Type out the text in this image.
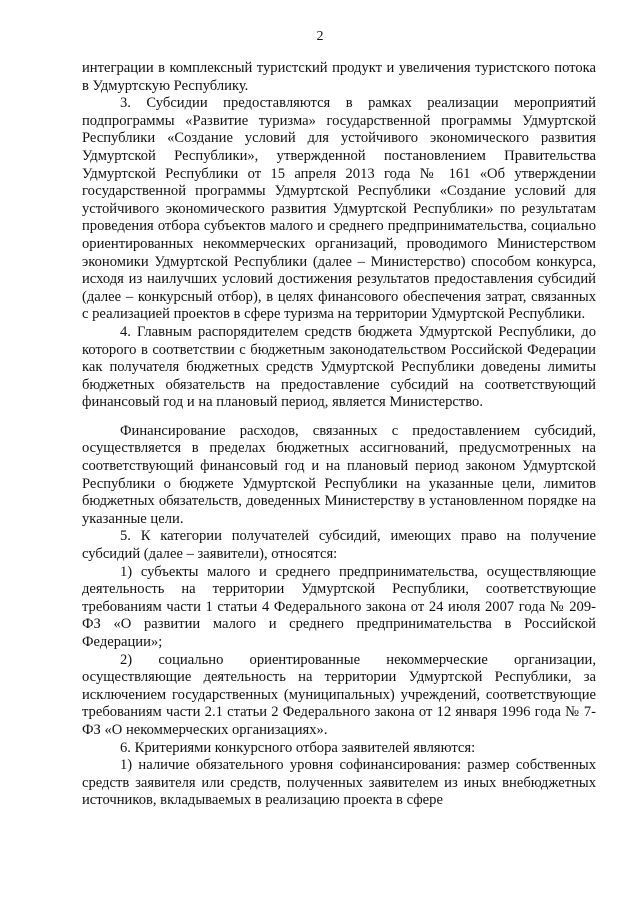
2

интеграции в комплексный туристский продукт и увеличения туристского потока в Удмуртскую Республику.

3. Субсидии предоставляются в рамках реализации мероприятий подпрограммы «Развитие туризма» государственной программы Удмуртской Республики «Создание условий для устойчивого экономического развития Удмуртской Республики», утвержденной постановлением Правительства Удмуртской Республики от 15 апреля 2013 года № 161 «Об утверждении государственной программы Удмуртской Республики «Создание условий для устойчивого экономического развития Удмуртской Республики» по результатам проведения отбора субъектов малого и среднего предпринимательства, социально ориентированных некоммерческих организаций, проводимого Министерством экономики Удмуртской Республики (далее – Министерство) способом конкурса, исходя из наилучших условий достижения результатов предоставления субсидий (далее – конкурсный отбор), в целях финансового обеспечения затрат, связанных с реализацией проектов в сфере туризма на территории Удмуртской Республики.

4. Главным распорядителем средств бюджета Удмуртской Республики, до которого в соответствии с бюджетным законодательством Российской Федерации как получателя бюджетных средств Удмуртской Республики доведены лимиты бюджетных обязательств на предоставление субсидий на соответствующий финансовый год и на плановый период, является Министерство.

Финансирование расходов, связанных с предоставлением субсидий, осуществляется в пределах бюджетных ассигнований, предусмотренных на соответствующий финансовый год и на плановый период законом Удмуртской Республики о бюджете Удмуртской Республики на указанные цели, лимитов бюджетных обязательств, доведенных Министерству в установленном порядке на указанные цели.

5. К категории получателей субсидий, имеющих право на получение субсидий (далее – заявители), относятся:

1) субъекты малого и среднего предпринимательства, осуществляющие деятельность на территории Удмуртской Республики, соответствующие требованиям части 1 статьи 4 Федерального закона от 24 июля 2007 года № 209-ФЗ «О развитии малого и среднего предпринимательства в Российской Федерации»;

2) социально ориентированные некоммерческие организации, осуществляющие деятельность на территории Удмуртской Республики, за исключением государственных (муниципальных) учреждений, соответствующие требованиям части 2.1 статьи 2 Федерального закона от 12 января 1996 года № 7-ФЗ «О некоммерческих организациях».

6. Критериями конкурсного отбора заявителей являются:

1) наличие обязательного уровня софинансирования: размер собственных средств заявителя или средств, полученных заявителем из иных внебюджетных источников, вкладываемых в реализацию проекта в сфере
